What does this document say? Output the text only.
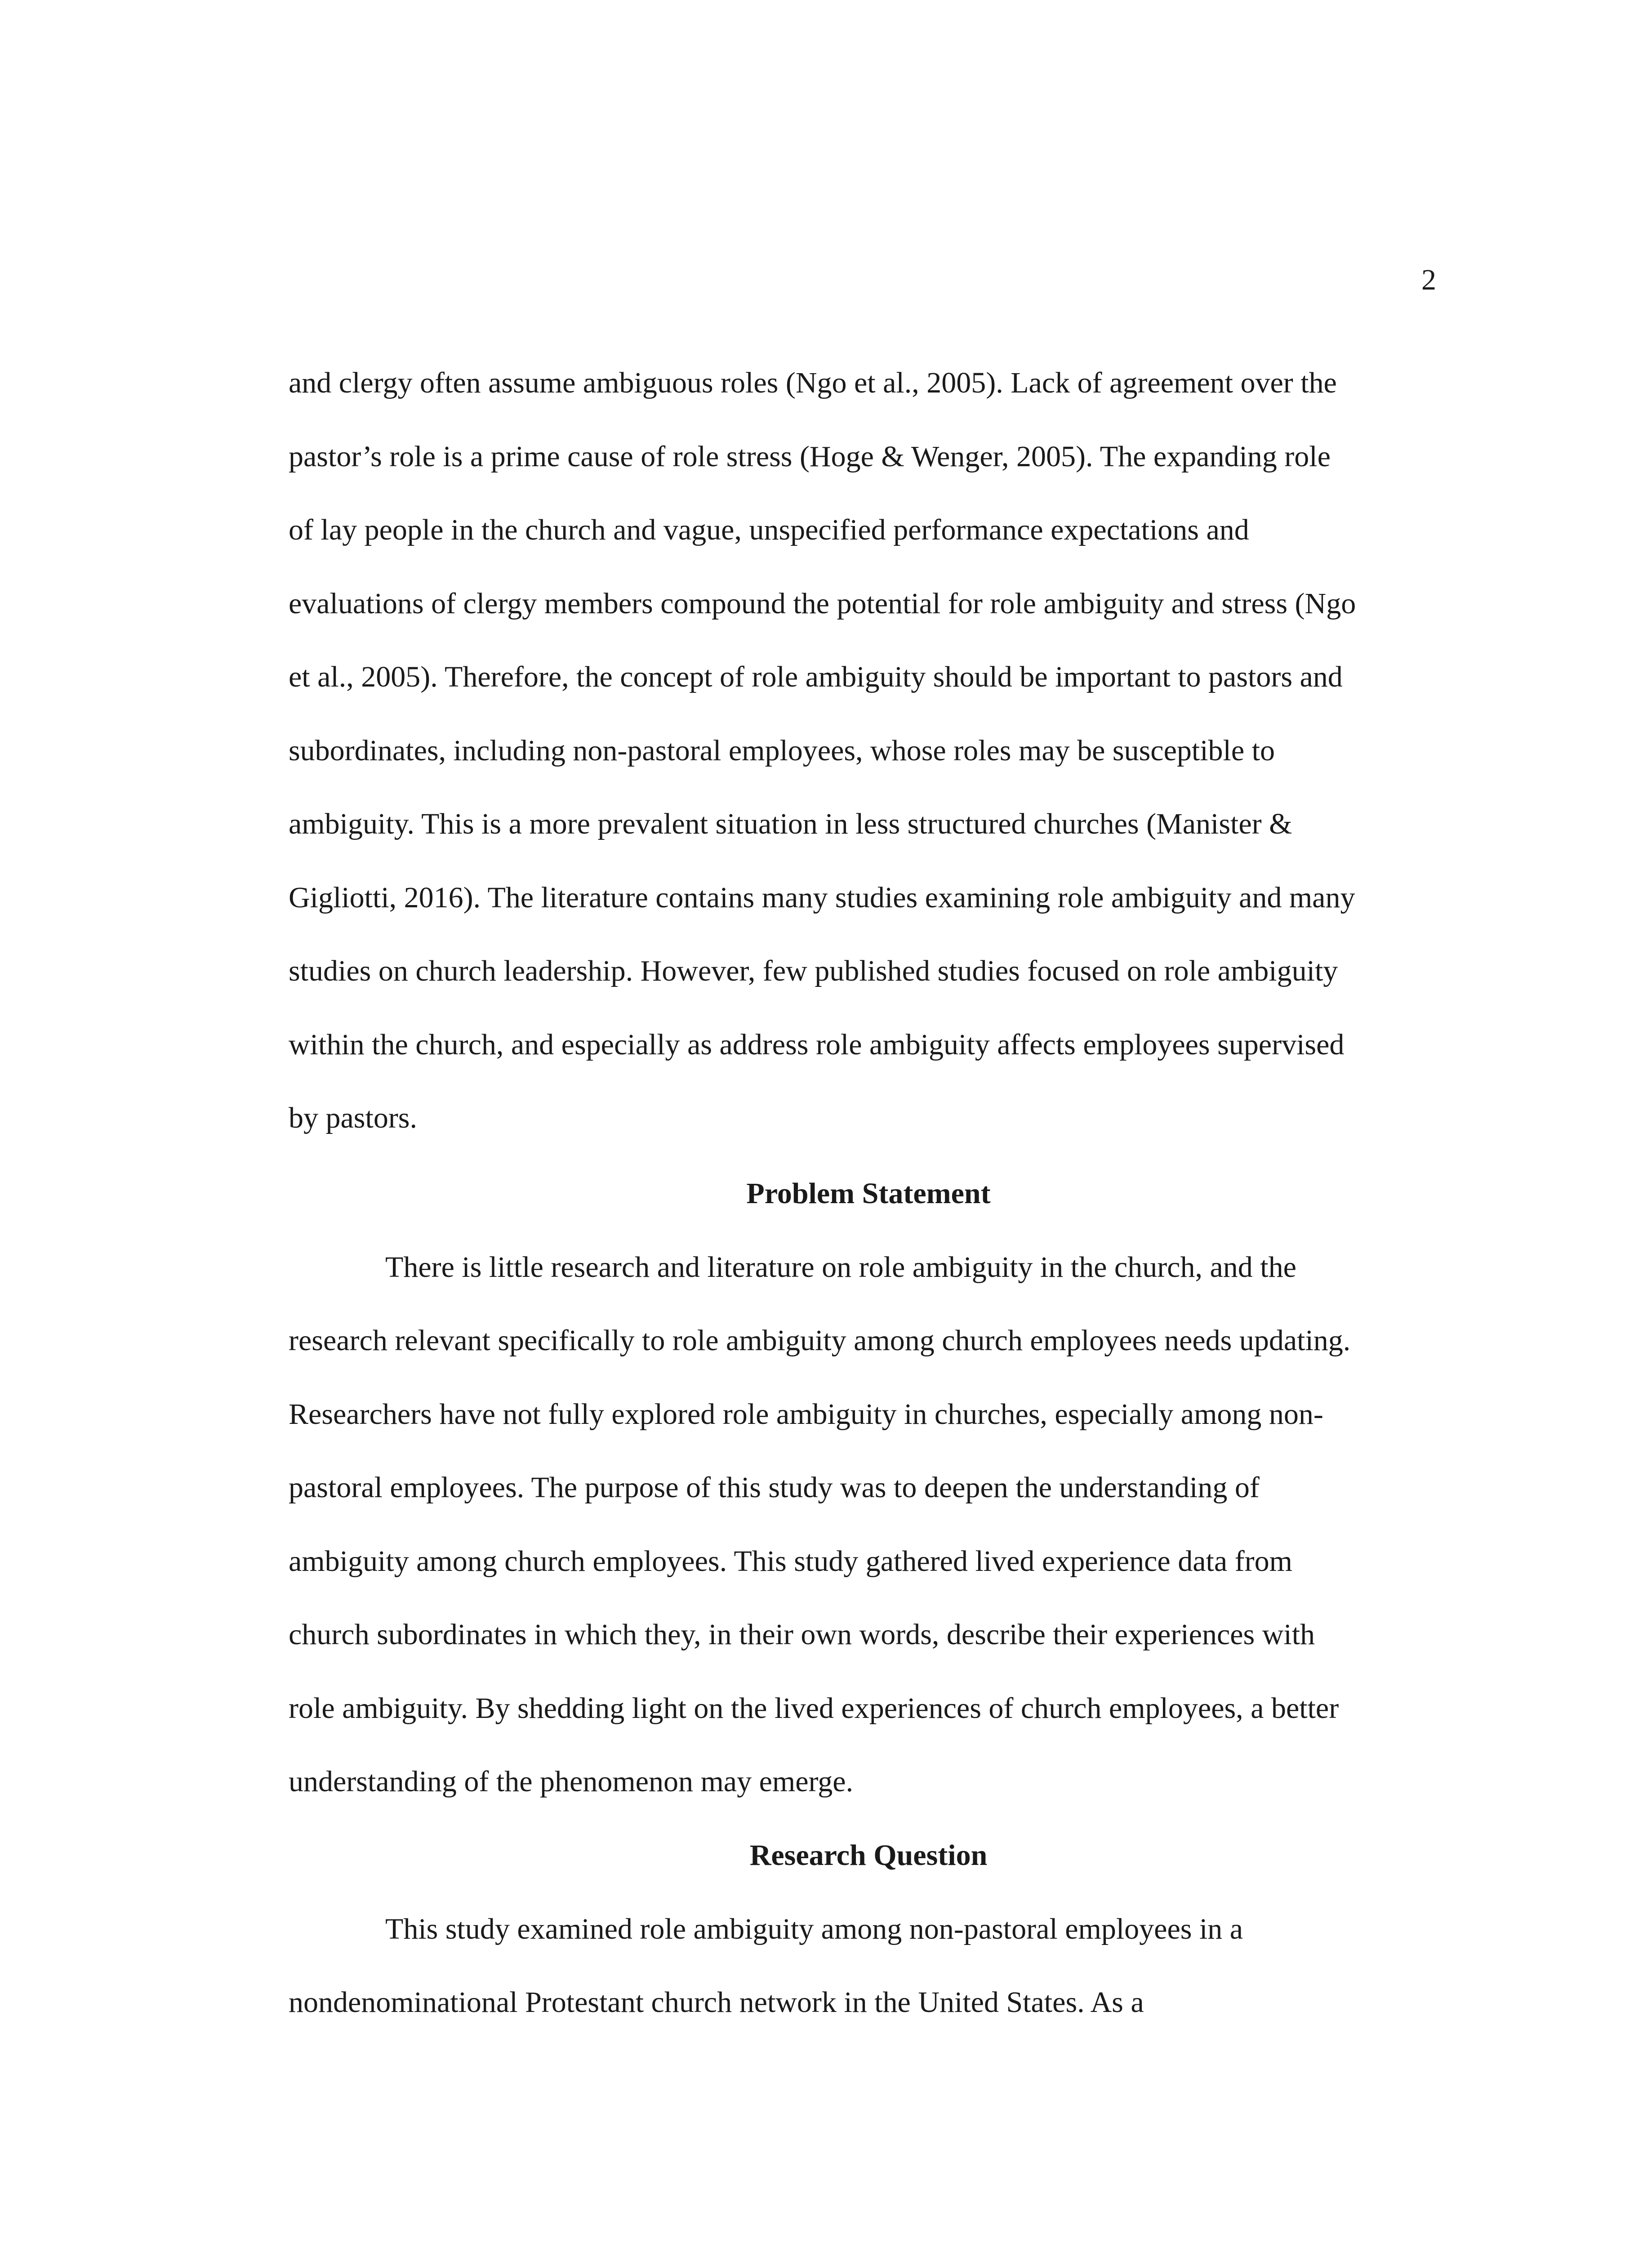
2
and clergy often assume ambiguous roles (Ngo et al., 2005). Lack of agreement over the
pastor’s role is a prime cause of role stress (Hoge & Wenger, 2005). The expanding role
of lay people in the church and vague, unspecified performance expectations and
evaluations of clergy members compound the potential for role ambiguity and stress (Ngo
et al., 2005). Therefore, the concept of role ambiguity should be important to pastors and
subordinates, including non-pastoral employees, whose roles may be susceptible to
ambiguity. This is a more prevalent situation in less structured churches (Manister &
Gigliotti, 2016). The literature contains many studies examining role ambiguity and many
studies on church leadership. However, few published studies focused on role ambiguity
within the church, and especially as address role ambiguity affects employees supervised
by pastors.
Problem Statement
There is little research and literature on role ambiguity in the church, and the
research relevant specifically to role ambiguity among church employees needs updating.
Researchers have not fully explored role ambiguity in churches, especially among non-
pastoral employees. The purpose of this study was to deepen the understanding of
ambiguity among church employees. This study gathered lived experience data from
church subordinates in which they, in their own words, describe their experiences with
role ambiguity. By shedding light on the lived experiences of church employees, a better
understanding of the phenomenon may emerge.
Research Question
This study examined role ambiguity among non-pastoral employees in a
nondenominational Protestant church network in the United States. As a
